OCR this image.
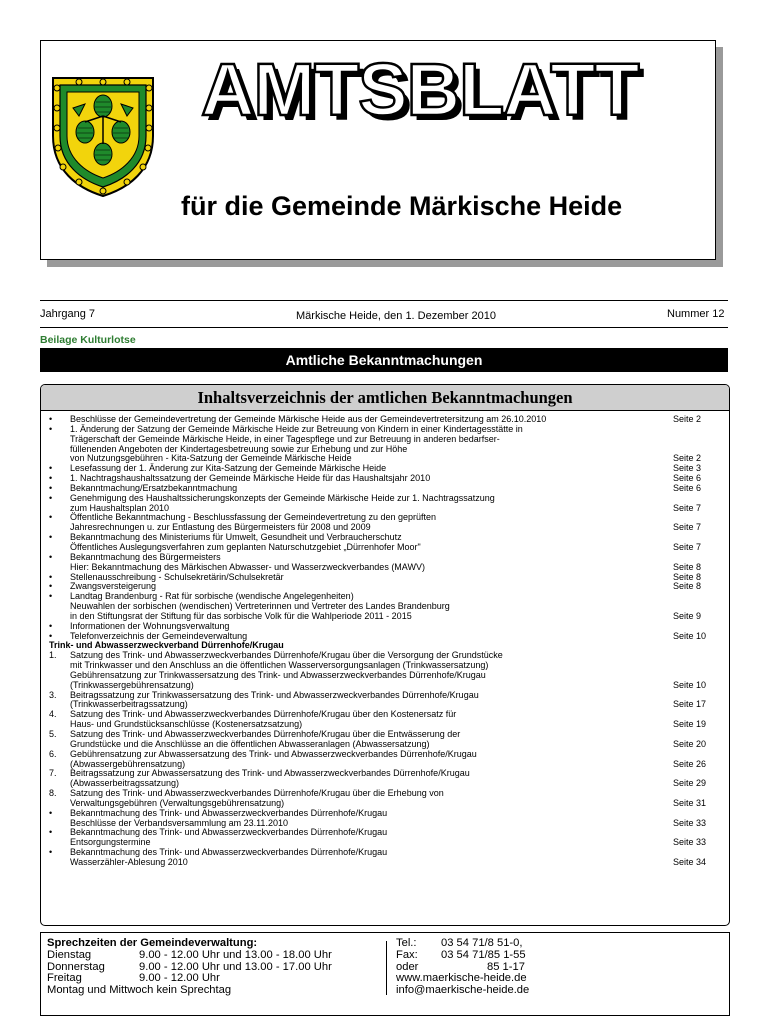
AMTSBLATT
für die Gemeinde Märkische Heide
Jahrgang 7	Märkische Heide, den 1. Dezember 2010	Nummer 12
Beilage Kulturlotse
Amtliche Bekanntmachungen
Inhaltsverzeichnis der amtlichen Bekanntmachungen
•	Beschlüsse der Gemeindevertretung der Gemeinde Märkische Heide aus der Gemeindevertretersitzung am 26.10.2010	Seite 2
•	1. Änderung der Satzung der Gemeinde Märkische Heide zur Betreuung von Kindern in einer Kindertagesstätte in
Trägerschaft der Gemeinde Märkische Heide, in einer Tagespflege und zur Betreuung in anderen bedarfser-
füllenenden Angeboten der Kindertagesbetreuung sowie zur Erhebung und zur Höhe
von Nutzungsgebühren - Kita-Satzung der Gemeinde Märkische Heide	Seite 2
•	Lesefassung der 1. Änderung zur Kita-Satzung der Gemeinde Märkische Heide	Seite 3
•	1. Nachtragshaushaltssatzung der Gemeinde Märkische Heide für das Haushaltsjahr 2010	Seite 6
•	Bekanntmachung/Ersatzbekanntmachung	Seite 6
•	Genehmigung des Haushaltssicherungskonzepts der Gemeinde Märkische Heide zur 1. Nachtragssatzung
zum Haushaltsplan 2010	Seite 7
•	Öffentliche Bekanntmachung - Beschlussfassung der Gemeindevertretung zu den geprüften
Jahresrechnungen u. zur Entlastung des Bürgermeisters für 2008 und 2009	Seite 7
•	Bekanntmachung des Ministeriums für Umwelt, Gesundheit und Verbraucherschutz
Öffentliches Auslegungsverfahren zum geplanten Naturschutzgebiet „Dürrenhofer Moor"	Seite 7
•	Bekanntmachung des Bürgermeisters
Hier: Bekanntmachung des Märkischen Abwasser- und Wasserzweckverbandes (MAWV)	Seite 8
•	Stellenausschreibung - Schulsekretärin/Schulsekretär	Seite 8
•	Zwangsversteigerung	Seite 8
•	Landtag Brandenburg - Rat für sorbische (wendische Angelegenheiten)
Neuwahlen der sorbischen (wendischen) Vertreterinnen und Vertreter des Landes Brandenburg
in den Stiftungsrat der Stiftung für das sorbische Volk für die Wahlperiode 2011 - 2015	Seite 9
•	Informationen der Wohnungsverwaltung
•	Telefonverzeichnis der Gemeindeverwaltung	Seite 10
Trink- und Abwasserzweckverband Dürrenhofe/Krugau
1.	Satzung des Trink- und Abwasserzweckverbandes Dürrenhofe/Krugau über die Versorgung der Grundstücke
mit Trinkwasser und den Anschluss an die öffentlichen Wasserversorgungsanlagen (Trinkwassersatzung)
Gebührensatzung zur Trinkwassersatzung des Trink- und Abwasserzweckverbandes Dürrenhofe/Krugau
(Trinkwassergebührensatzung)	Seite 10
3.	Beitragssatzung zur Trinkwassersatzung des Trink- und Abwasserzweckverbandes Dürrenhofe/Krugau
(Trinkwasserbeitragssatzung)	Seite 17
4.	Satzung des Trink- und Abwasserzweckverbandes Dürrenhofe/Krugau über den Kostenersatz für
Haus- und Grundstücksanschlüsse (Kostenersatzsatzung)	Seite 19
5.	Satzung des Trink- und Abwasserzweckverbandes Dürrenhofe/Krugau über die Entwässerung der
Grundstücke und die Anschlüsse an die öffentlichen Abwasseranlagen (Abwassersatzung)	Seite 20
6.	Gebührensatzung zur Abwassersatzung des Trink- und Abwasserzweckverbandes Dürrenhofe/Krugau
(Abwassergebührensatzung)	Seite 26
7.	Beitragssatzung zur Abwassersatzung des Trink- und Abwasserzweckverbandes Dürrenhofe/Krugau
(Abwasserbeitragssatzung)	Seite 29
8.	Satzung des Trink- und Abwasserzweckverbandes Dürrenhofe/Krugau über die Erhebung von
Verwaltungsgebühren (Verwaltungsgebührensatzung)	Seite 31
•	Bekanntmachung des Trink- und Abwasserzweckverbandes Dürrenhofe/Krugau
Beschlüsse der Verbandsversammlung am 23.11.2010	Seite 33
•	Bekanntmachung des Trink- und Abwasserzweckverbandes Dürrenhofe/Krugau
Entsorgungstermine	Seite 33
•	Bekanntmachung des Trink- und Abwasserzweckverbandes Dürrenhofe/Krugau
Wasserzähler-Ablesung 2010	Seite 34
Sprechzeiten der Gemeindeverwaltung:
Dienstag	9.00 - 12.00 Uhr und 13.00 - 18.00 Uhr
Donnerstag	9.00 - 12.00 Uhr und 13.00 - 17.00 Uhr
Freitag	9.00 - 12.00 Uhr
Montag und Mittwoch kein Sprechtag
Tel.:	03 54 71/8 51-0,
Fax:	03 54 71/85 1-55
oder	85 1-17
www.maerkische-heide.de
info@maerkische-heide.de
